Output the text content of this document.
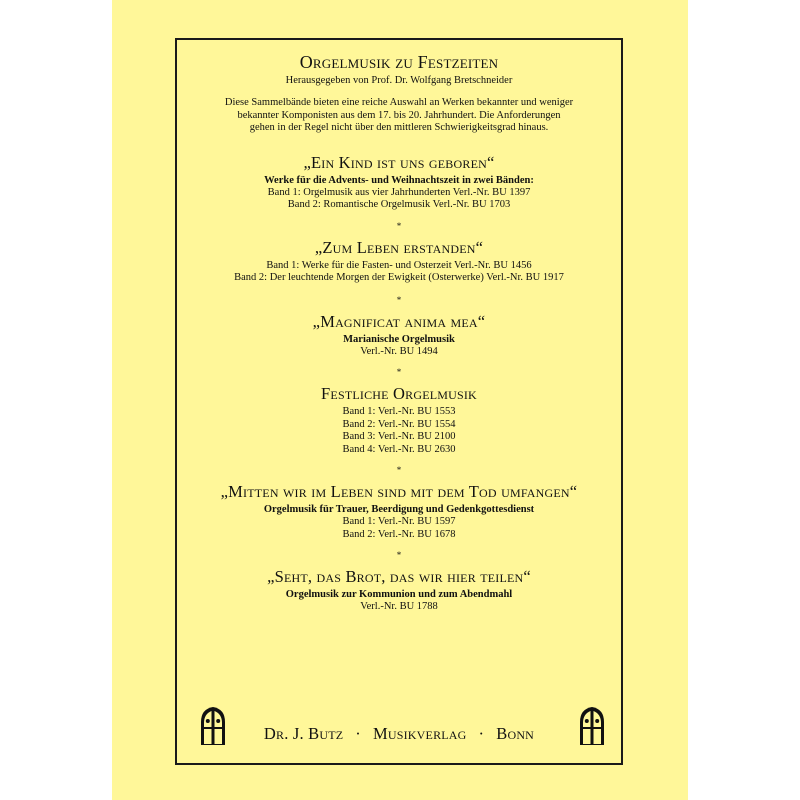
Orgelmusik zu Festzeiten
Herausgegeben von Prof. Dr. Wolfgang Bretschneider
Diese Sammelbände bieten eine reiche Auswahl an Werken bekannter und weniger
bekannter Komponisten aus dem 17. bis 20. Jahrhundert. Die Anforderungen
gehen in der Regel nicht über den mittleren Schwierigkeitsgrad hinaus.
„Ein Kind ist uns geboren“
Werke für die Advents- und Weihnachtszeit in zwei Bänden:
Band 1: Orgelmusik aus vier Jahrhunderten Verl.-Nr. BU 1397
Band 2: Romantische Orgelmusik Verl.-Nr. BU 1703
*
„Zum Leben erstanden“
Band 1: Werke für die Fasten- und Osterzeit Verl.-Nr. BU 1456
Band 2: Der leuchtende Morgen der Ewigkeit (Osterwerke) Verl.-Nr. BU 1917
*
„Magnificat anima mea“
Marianische Orgelmusik
Verl.-Nr. BU 1494
*
Festliche Orgelmusik
Band 1: Verl.-Nr. BU 1553
Band 2: Verl.-Nr. BU 1554
Band 3: Verl.-Nr. BU 2100
Band 4: Verl.-Nr. BU 2630
*
„Mitten wir im Leben sind mit dem Tod umfangen“
Orgelmusik für Trauer, Beerdigung und Gedenkgottesdienst
Band 1: Verl.-Nr. BU 1597
Band 2: Verl.-Nr. BU 1678
*
„Seht, das Brot, das wir hier teilen“
Orgelmusik zur Kommunion und zum Abendmahl
Verl.-Nr. BU 1788
Dr. J. Butz · Musikverlag · Bonn
